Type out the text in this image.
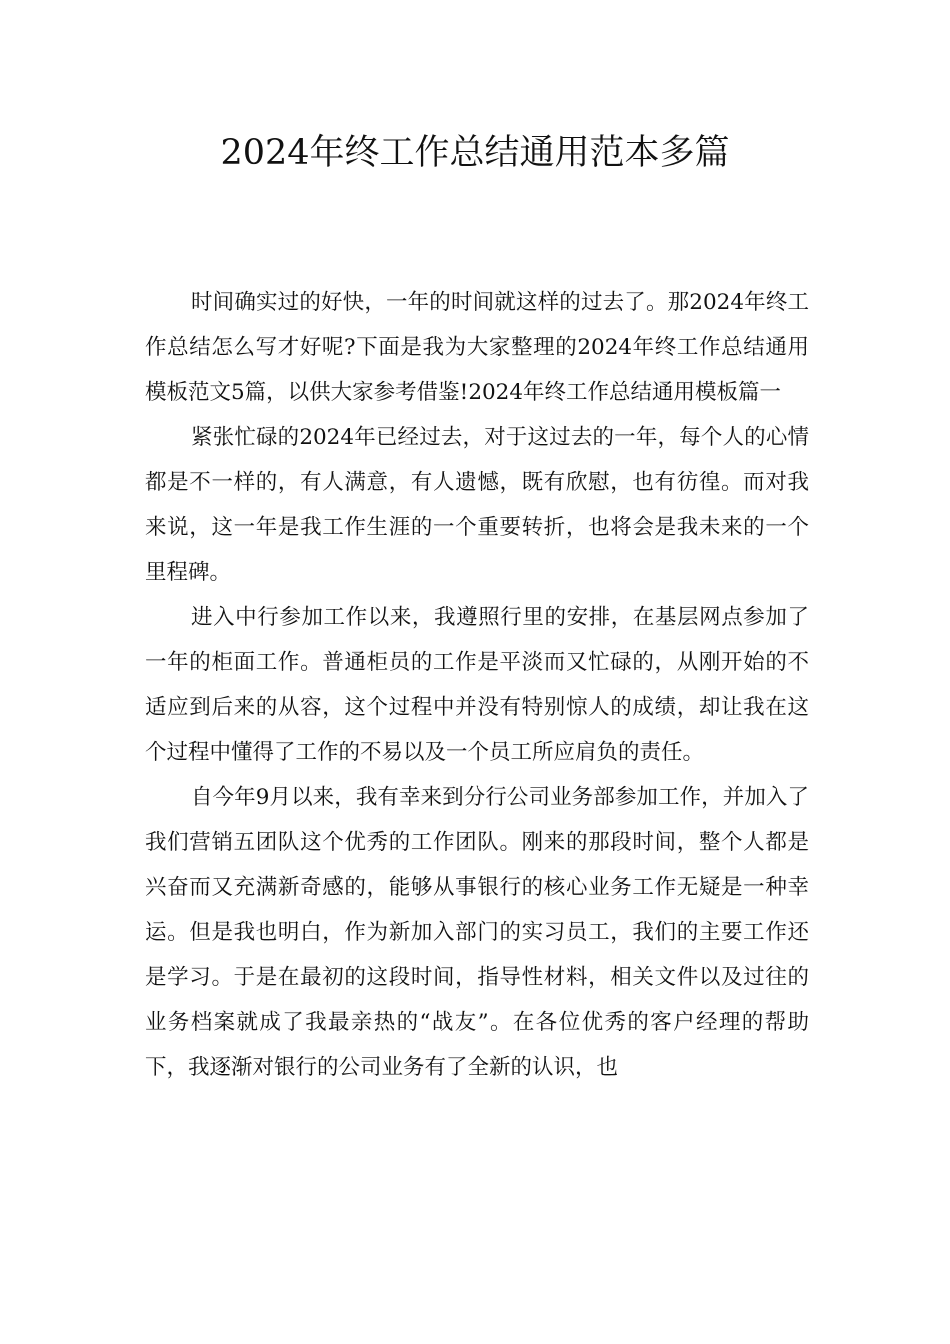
2024年终工作总结通用范本多篇

时间确实过的好快，一年的时间就这样的过去了。那2024年终工作总结怎么写才好呢?下面是我为大家整理的2024年终工作总结通用模板范文5篇，以供大家参考借鉴!2024年终工作总结通用模板篇一

紧张忙碌的2024年已经过去，对于这过去的一年，每个人的心情都是不一样的，有人满意，有人遗憾，既有欣慰，也有彷徨。而对我来说，这一年是我工作生涯的一个重要转折，也将会是我未来的一个里程碑。

进入中行参加工作以来，我遵照行里的安排，在基层网点参加了一年的柜面工作。普通柜员的工作是平淡而又忙碌的，从刚开始的不适应到后来的从容，这个过程中并没有特别惊人的成绩，却让我在这个过程中懂得了工作的不易以及一个员工所应肩负的责任。

自今年9月以来，我有幸来到分行公司业务部参加工作，并加入了我们营销五团队这个优秀的工作团队。刚来的那段时间，整个人都是兴奋而又充满新奇感的，能够从事银行的核心业务工作无疑是一种幸运。但是我也明白，作为新加入部门的实习员工，我们的主要工作还是学习。于是在最初的这段时间，指导性材料，相关文件以及过往的业务档案就成了我最亲热的“战友”。在各位优秀的客户经理的帮助下，我逐渐对银行的公司业务有了全新的认识，也
